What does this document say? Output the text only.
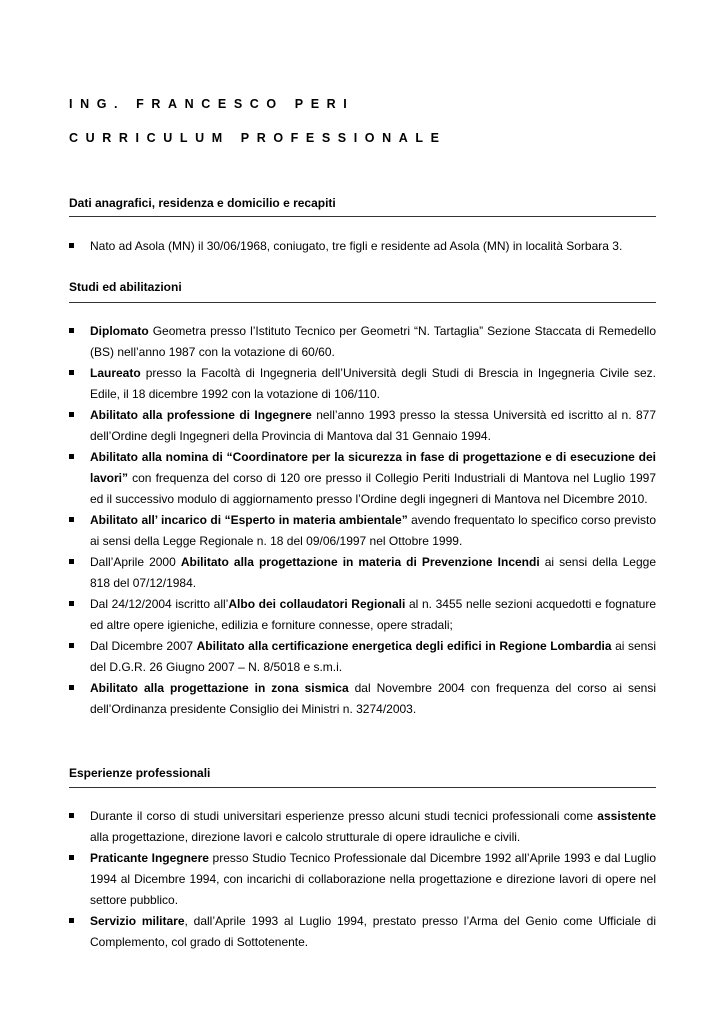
ING. FRANCESCO PERI
CURRICULUM PROFESSIONALE
Dati anagrafici, residenza e domicilio e recapiti
Nato ad Asola (MN) il 30/06/1968, coniugato, tre figli e residente ad Asola (MN) in località Sorbara 3.
Studi ed abilitazioni
Diplomato Geometra presso l’Istituto Tecnico per Geometri “N. Tartaglia” Sezione Staccata di Remedello (BS) nell’anno 1987 con la votazione di 60/60.
Laureato presso la Facoltà di Ingegneria dell’Università degli Studi di Brescia in Ingegneria Civile sez. Edile, il 18 dicembre 1992 con la votazione di 106/110.
Abilitato alla professione di Ingegnere nell’anno 1993 presso la stessa Università ed iscritto al n. 877 dell’Ordine degli Ingegneri della Provincia di Mantova dal 31 Gennaio 1994.
Abilitato alla nomina di “Coordinatore per la sicurezza in fase di progettazione e di esecuzione dei lavori” con frequenza del corso di 120 ore presso il Collegio Periti Industriali di Mantova nel Luglio 1997 ed il successivo modulo di aggiornamento presso l’Ordine degli ingegneri di Mantova nel Dicembre 2010.
Abilitato all’ incarico di “Esperto in materia ambientale” avendo frequentato lo specifico corso previsto ai sensi della Legge Regionale n. 18 del 09/06/1997 nel Ottobre 1999.
Dall’Aprile 2000 Abilitato alla progettazione in materia di Prevenzione Incendi ai sensi della Legge 818 del 07/12/1984.
Dal 24/12/2004 iscritto all’Albo dei collaudatori Regionali al n. 3455 nelle sezioni acquedotti e fognature ed altre opere igieniche, edilizia e forniture connesse, opere stradali;
Dal Dicembre 2007 Abilitato alla certificazione energetica degli edifici in Regione Lombardia ai sensi del D.G.R. 26 Giugno 2007 – N. 8/5018 e s.m.i.
Abilitato alla progettazione in zona sismica dal Novembre 2004 con frequenza del corso ai sensi dell’Ordinanza presidente Consiglio dei Ministri n. 3274/2003.
Esperienze professionali
Durante il corso di studi universitari esperienze presso alcuni studi tecnici professionali come assistente alla progettazione, direzione lavori e calcolo strutturale di opere idrauliche e civili.
Praticante Ingegnere presso Studio Tecnico Professionale dal Dicembre 1992 all’Aprile 1993 e dal Luglio 1994 al Dicembre 1994, con incarichi di collaborazione nella progettazione e direzione lavori di opere nel settore pubblico.
Servizio militare, dall’Aprile 1993 al Luglio 1994, prestato presso l’Arma del Genio come Ufficiale di Complemento, col grado di Sottotenente.
